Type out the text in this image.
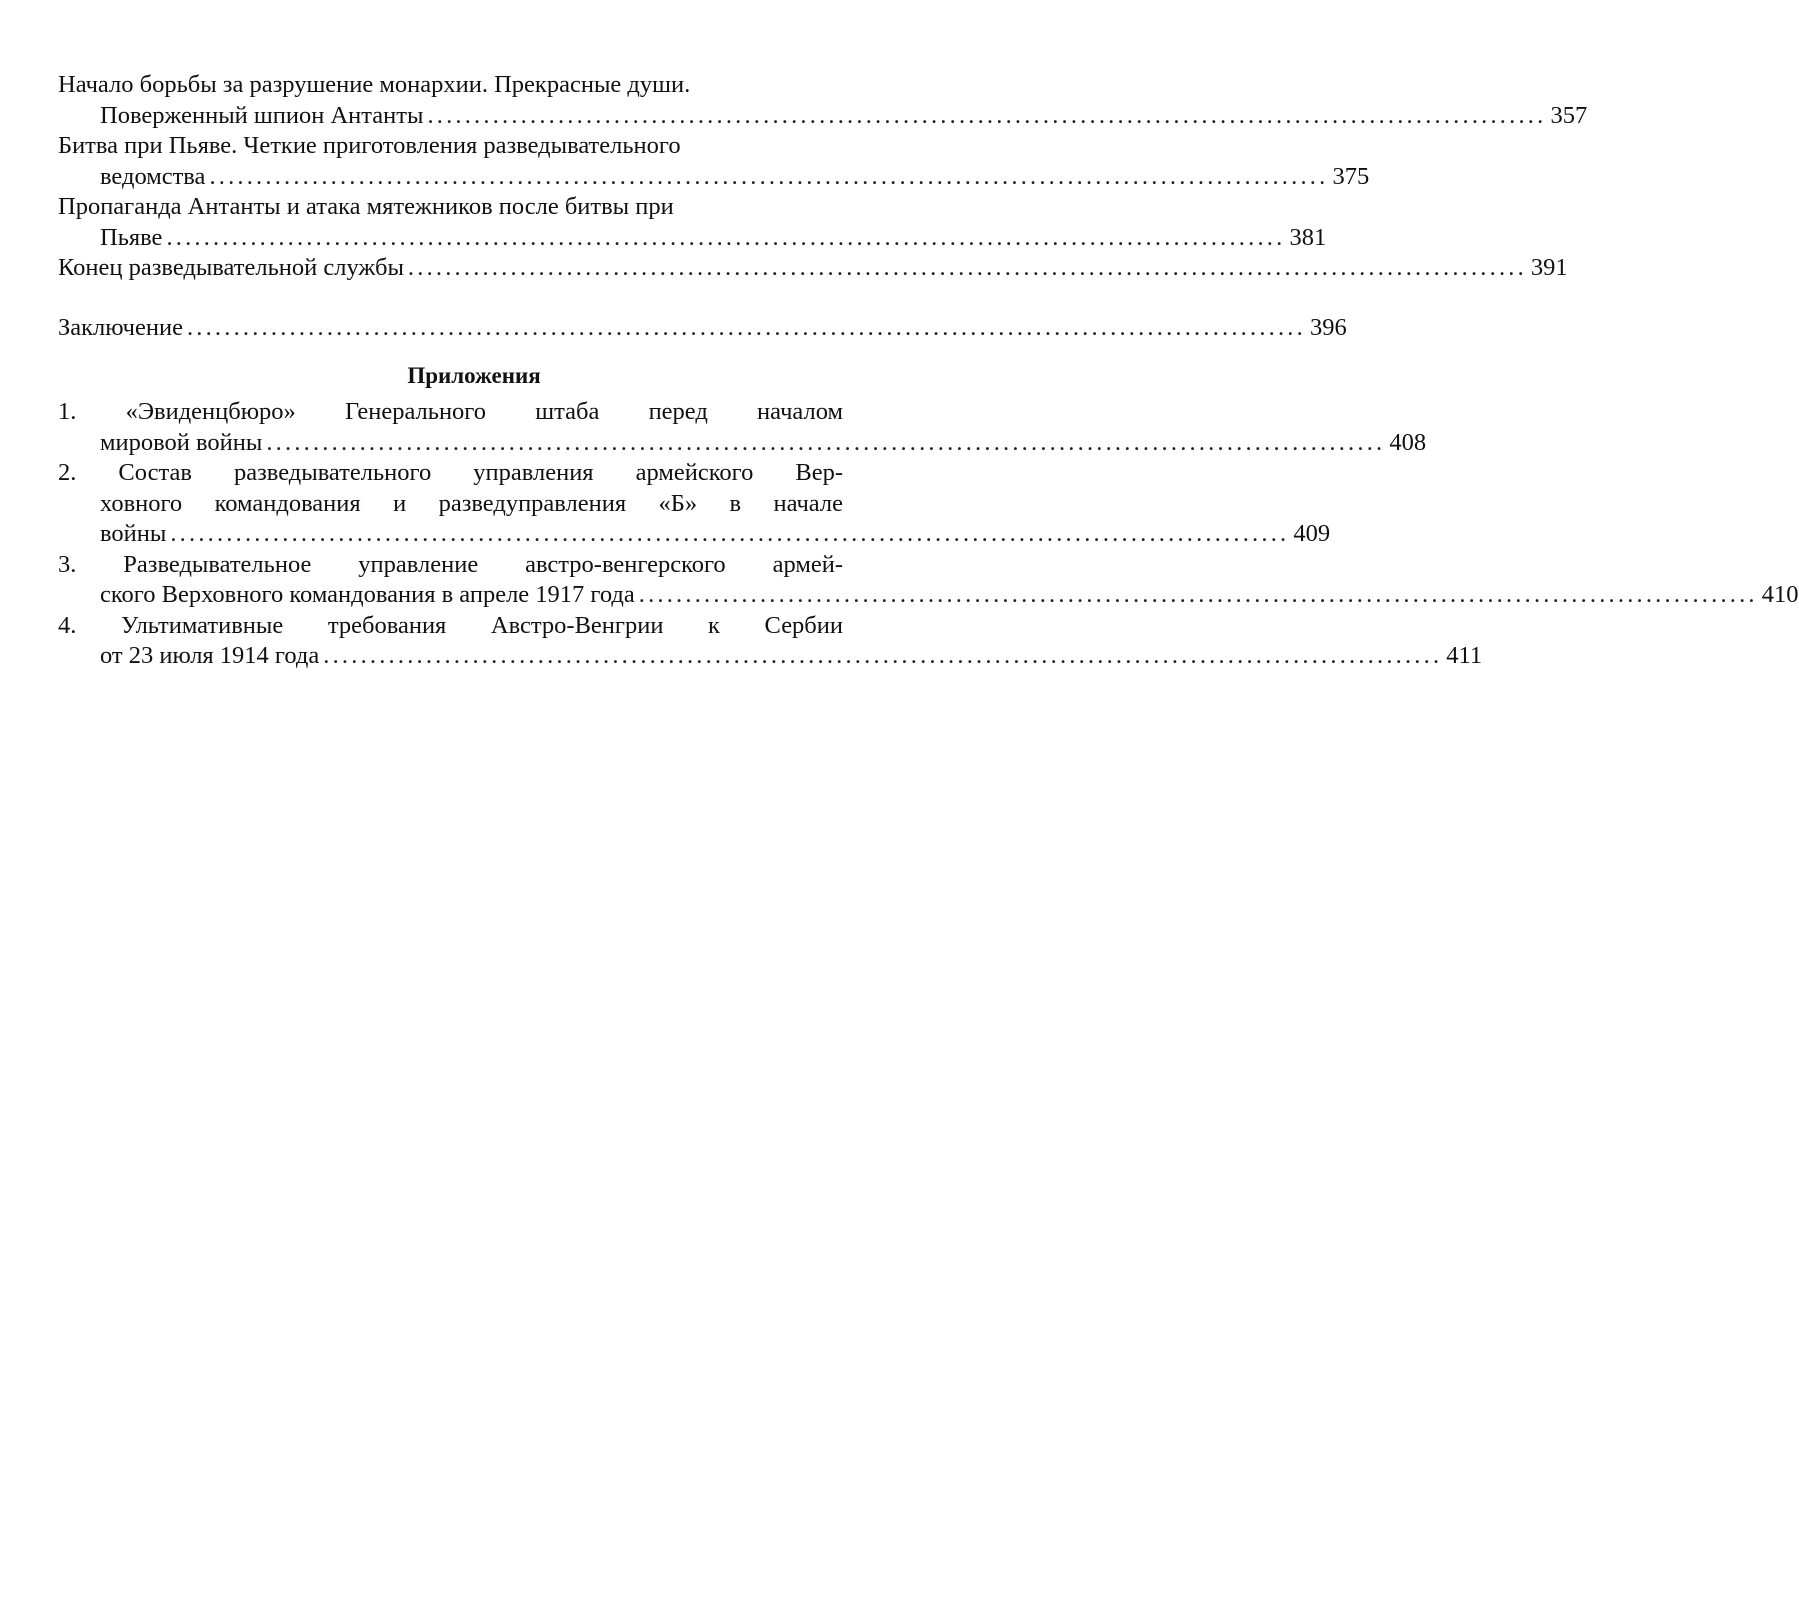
Начало борьбы за разрушение монархии. Прекрасные души.
Поверженный шпион Антанты ........................................................................................................................ 357
Битва при Пьяве. Четкие приготовления разведывательного
ведомства ........................................................................................................................ 375
Пропаганда Антанты и атака мятежников после битвы при
Пьяве ........................................................................................................................ 381
Конец разведывательной службы ........................................................................................................................ 391
Заключение ........................................................................................................................ 396
Приложения
1. «Эвиденцбюро» Генерального штаба перед началом
мировой войны ........................................................................................................................ 408
2. Состав разведывательного управления армейского Вер-
ховного командования и разведуправления «Б» в начале
войны ........................................................................................................................ 409
3. Разведывательное управление австро-венгерского армей-
ского Верховного командования в апреле 1917 года ........................................................................................................................ 410
4. Ультимативные требования Австро-Венгрии к Сербии
от 23 июля 1914 года ........................................................................................................................ 411
